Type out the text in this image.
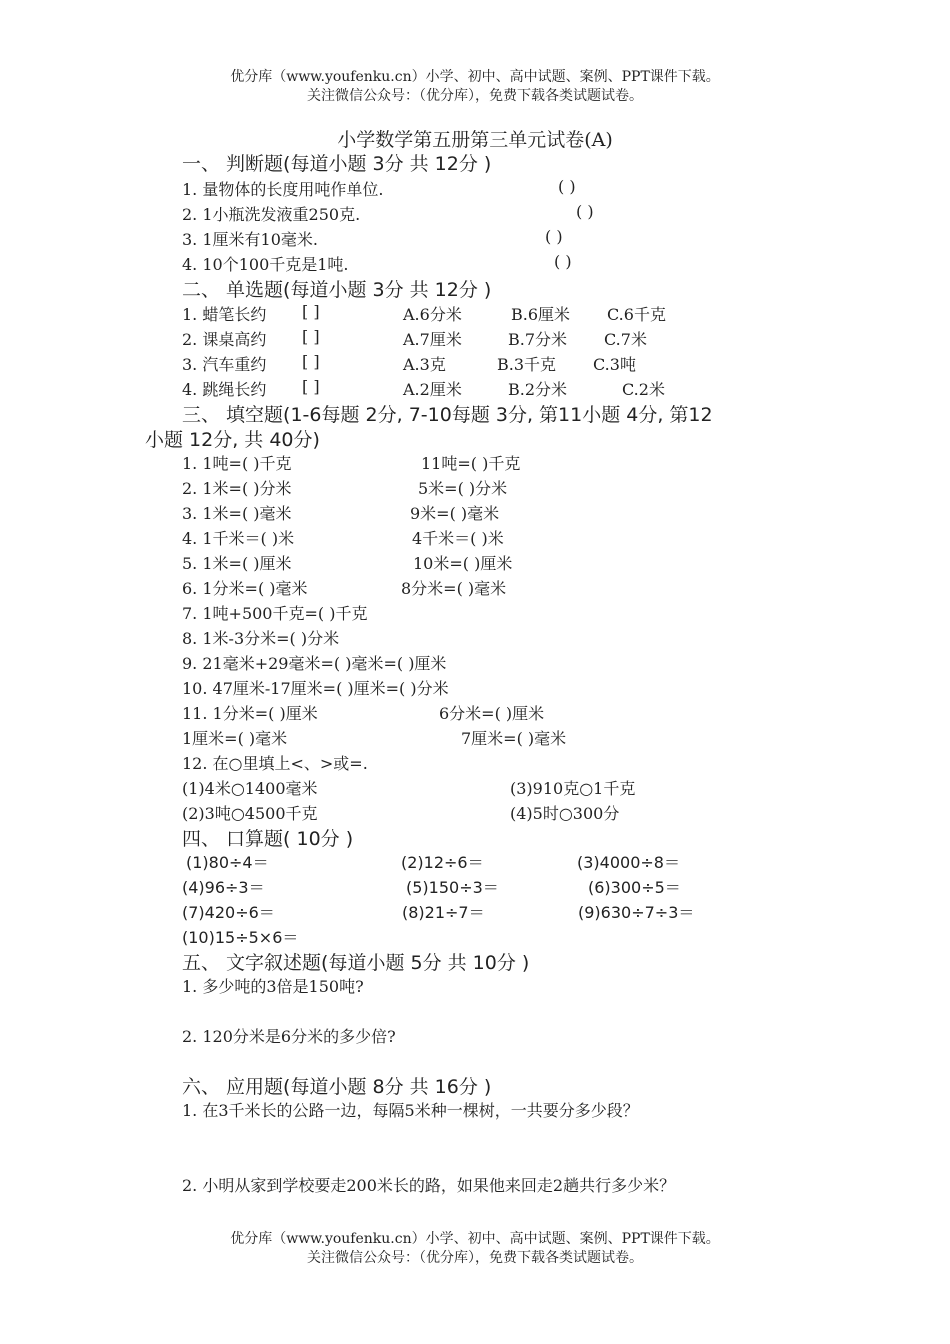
优分库（www.youfenku.cn）小学、初中、高中试题、案例、PPT课件下载。
关注微信公众号：（优分库），免费下载各类试题试卷。
小学数学第五册第三单元试卷(A)
一、 判断题(每道小题 3分 共 12分 )
1. 量物体的长度用吨作单位.	( )
2. 1小瓶洗发液重250克.	( )
3. 1厘米有10毫米.	( )
4. 10个100千克是1吨.	( )
二、 单选题(每道小题 3分 共 12分 )
1. 蜡笔长约 [ ]	A.6分米	B.6厘米 C.6千克
2. 课桌高约 [ ]	A.7厘米	B.7分米 C.7米
3. 汽车重约 [ ]	A.3克	B.3千克 C.3吨
4. 跳绳长约 [ ]	A.2厘米	B.2分米	C.2米
三、 填空题(1-6每题 2分, 7-10每题 3分, 第11小题 4分, 第12
小题 12分, 共 40分)
1. 1吨=( )千克	11吨=( )千克
2. 1米=( )分米	5米=( )分米
3. 1米=( )毫米	9米=( )毫米
4. 1千米＝( )米	4千米＝( )米
5. 1米=( )厘米	10米=( )厘米
6. 1分米=( )毫米	8分米=( )毫米
7. 1吨+500千克=( )千克
8. 1米-3分米=( )分米
9. 21毫米+29毫米=( )毫米=( )厘米
10. 47厘米-17厘米=( )厘米=( )分米
11. 1分米=( )厘米	6分米=( )厘米
1厘米=( )毫米	7厘米=( )毫米
12. 在○里填上<、>或=.
(1)4米○1400毫米	(3)910克○1千克
(2)3吨○4500千克	(4)5时○300分
四、 口算题( 10分 )
(1)80÷4＝	(2)12÷6＝	(3)4000÷8＝
(4)96÷3＝	(5)150÷3＝	(6)300÷5＝
(7)420÷6＝	(8)21÷7＝	(9)630÷7÷3＝
(10)15÷5×6＝
五、 文字叙述题(每道小题 5分 共 10分 )
1. 多少吨的3倍是150吨?
2. 120分米是6分米的多少倍?
六、 应用题(每道小题 8分 共 16分 )
1. 在3千米长的公路一边，每隔5米种一棵树，一共要分多少段？
2. 小明从家到学校要走200米长的路，如果他来回走2趟共行多少米？
优分库（www.youfenku.cn）小学、初中、高中试题、案例、PPT课件下载。
关注微信公众号：（优分库），免费下载各类试题试卷。
